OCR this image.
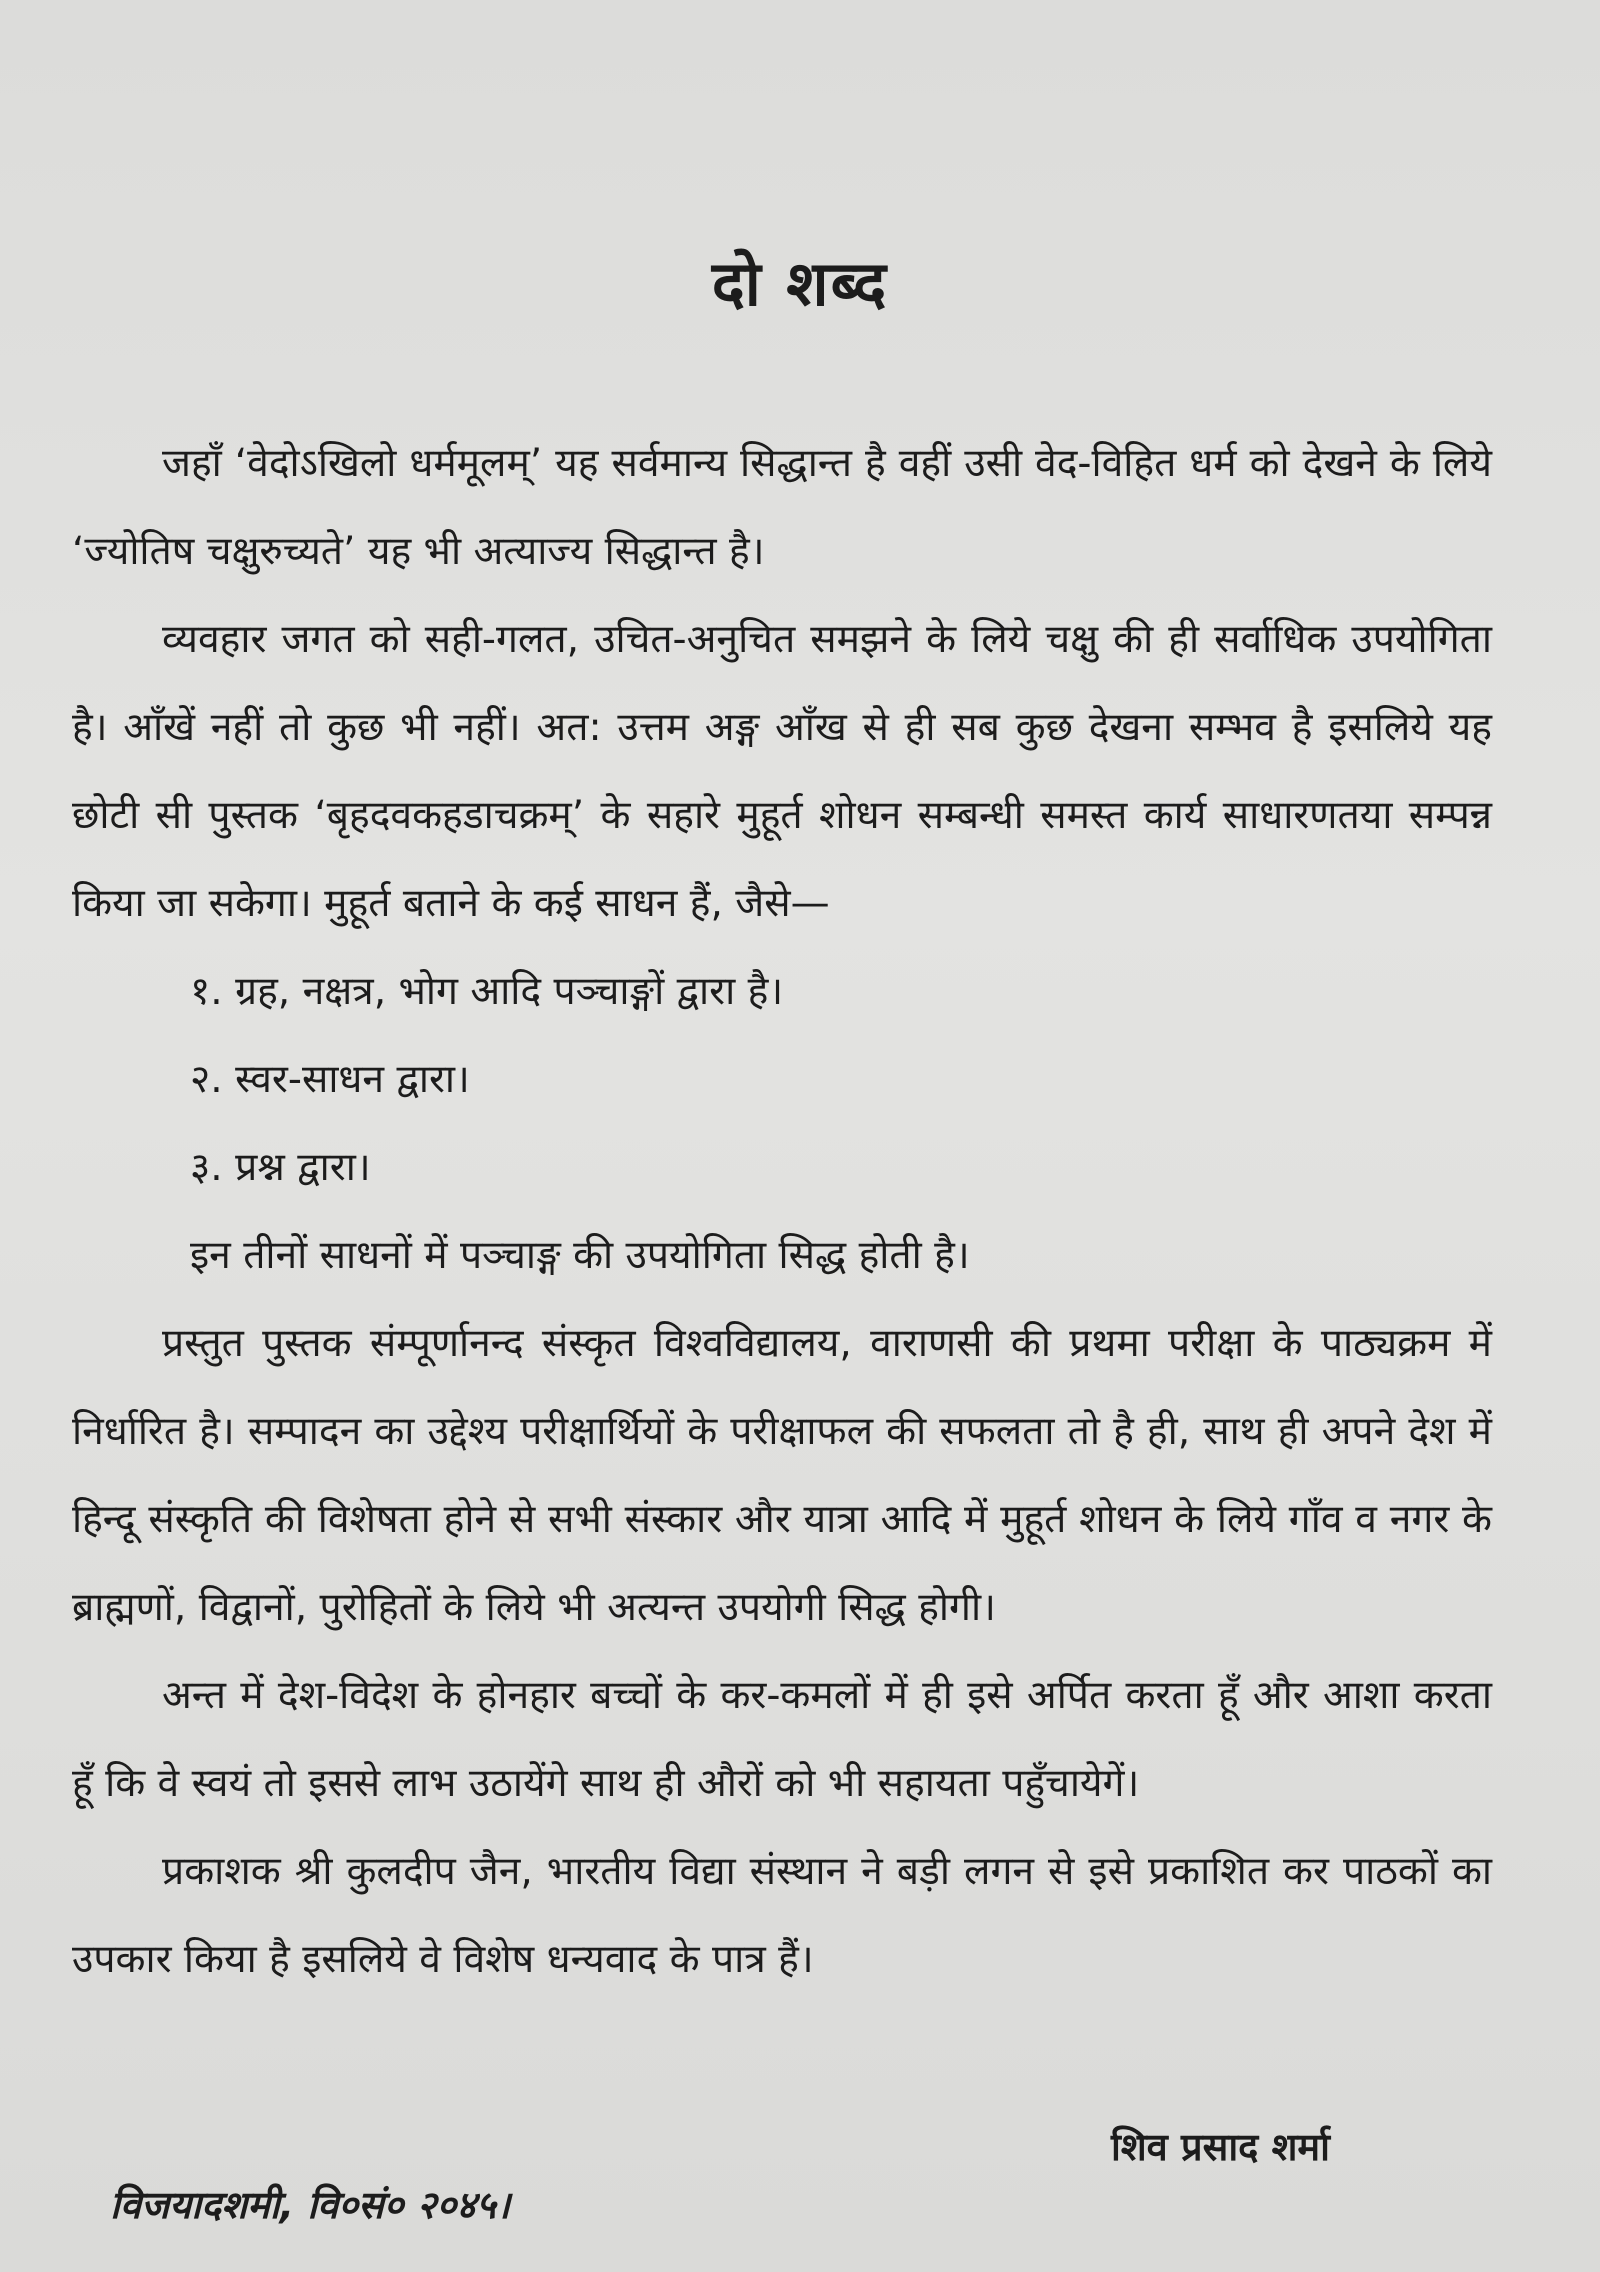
दो शब्द

जहाँ ‘वेदोऽखिलो धर्ममूलम्’ यह सर्वमान्य सिद्धान्त है वहीं उसी वेद-विहित धर्म को देखने के लिये ‘ज्योतिष चक्षुरुच्यते’ यह भी अत्याज्य सिद्धान्त है।

व्यवहार जगत को सही-गलत, उचित-अनुचित समझने के लिये चक्षु की ही सर्वाधिक उपयोगिता है। आँखें नहीं तो कुछ भी नहीं। अत: उत्तम अङ्ग आँख से ही सब कुछ देखना सम्भव है इसलिये यह छोटी सी पुस्तक ‘बृहदवकहडाचक्रम्’ के सहारे मुहूर्त शोधन सम्बन्धी समस्त कार्य साधारणतया सम्पन्न किया जा सकेगा। मुहूर्त बताने के कई साधन हैं, जैसे—

१. ग्रह, नक्षत्र, भोग आदि पञ्चाङ्गों द्वारा है।

२. स्वर-साधन द्वारा।

३. प्रश्न द्वारा।

इन तीनों साधनों में पञ्चाङ्ग की उपयोगिता सिद्ध होती है।

प्रस्तुत पुस्तक संम्पूर्णानन्द संस्कृत विश्वविद्यालय, वाराणसी की प्रथमा परीक्षा के पाठ्यक्रम में निर्धारित है। सम्पादन का उद्देश्य परीक्षार्थियों के परीक्षाफल की सफलता तो है ही, साथ ही अपने देश में हिन्दू संस्कृति की विशेषता होने से सभी संस्कार और यात्रा आदि में मुहूर्त शोधन के लिये गाँव व नगर के ब्राह्मणों, विद्वानों, पुरोहितों के लिये भी अत्यन्त उपयोगी सिद्ध होगी।

अन्त में देश-विदेश के होनहार बच्चों के कर-कमलों में ही इसे अर्पित करता हूँ और आशा करता हूँ कि वे स्वयं तो इससे लाभ उठायेंगे साथ ही औरों को भी सहायता पहुँचायेगें।

प्रकाशक श्री कुलदीप जैन, भारतीय विद्या संस्थान ने बड़ी लगन से इसे प्रकाशित कर पाठकों का उपकार किया है इसलिये वे विशेष धन्यवाद के पात्र हैं।

शिव प्रसाद शर्मा
विजयादशमी, वि०सं० २०४५।
